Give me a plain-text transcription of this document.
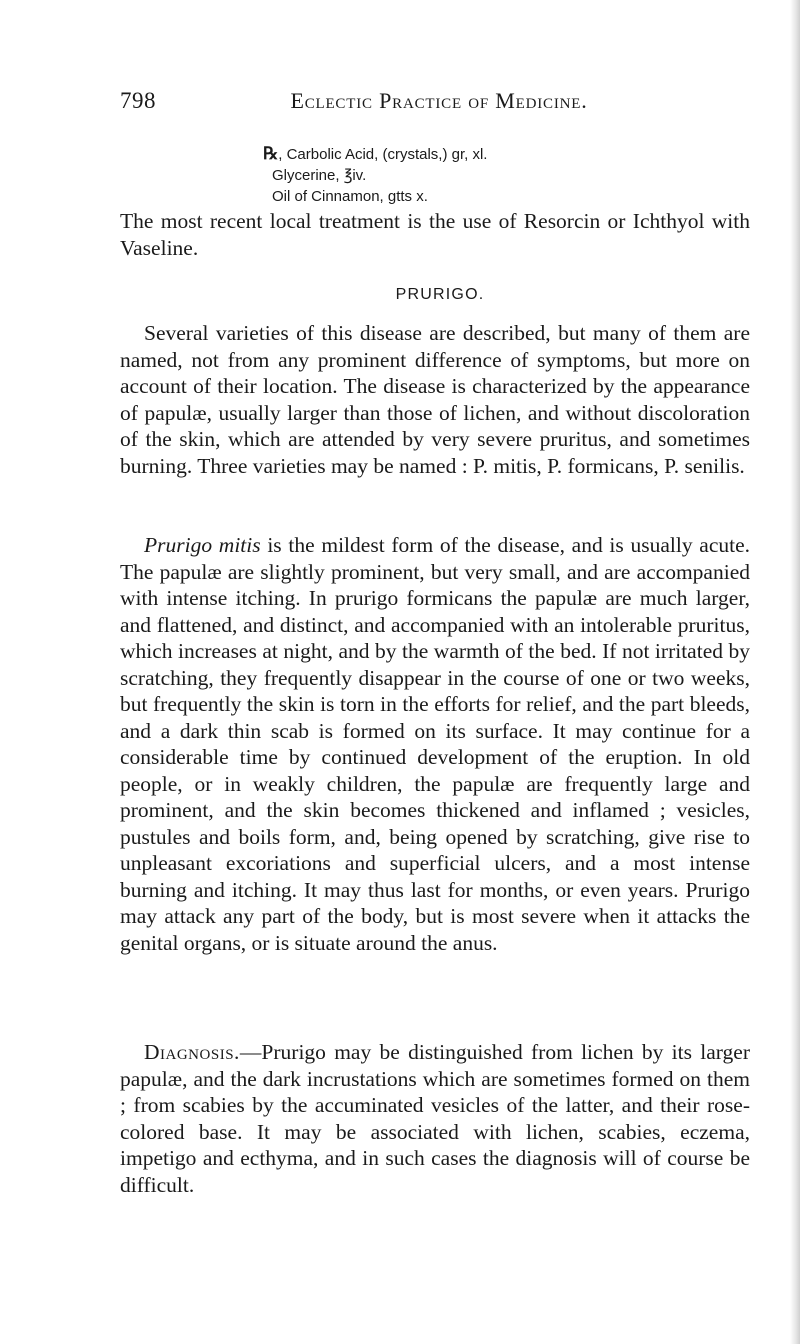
798	Eclectic Practice of Medicine.
℞, Carbolic Acid, (crystals,) gr, xl.
Glycerine, ℥iv.
Oil of Cinnamon, gtts x.

The most recent local treatment is the use of Resorcin or Ichthyol with Vaseline.

PRURIGO.

Several varieties of this disease are described, but many of them are named, not from any prominent difference of symptoms, but more on account of their location. The disease is characterized by the appearance of papulæ, usually larger than those of lichen, and without discoloration of the skin, which are attended by very severe pruritus, and sometimes burning. Three varieties may be named : P. mitis, P. formicans, P. senilis.

Prurigo mitis is the mildest form of the disease, and is usually acute. The papulæ are slightly prominent, but very small, and are accompanied with intense itching. In prurigo formicans the papulæ are much larger, and flattened, and distinct, and accompanied with an intolerable pruritus, which increases at night, and by the warmth of the bed. If not irritated by scratching, they frequently disappear in the course of one or two weeks, but frequently the skin is torn in the efforts for relief, and the part bleeds, and a dark thin scab is formed on its surface. It may continue for a considerable time by continued development of the eruption. In old people, or in weakly children, the papulæ are frequently large and prominent, and the skin becomes thickened and inflamed ; vesicles, pustules and boils form, and, being opened by scratching, give rise to unpleasant excoriations and superficial ulcers, and a most intense burning and itching. It may thus last for months, or even years. Prurigo may attack any part of the body, but is most severe when it attacks the genital organs, or is situate around the anus.

Diagnosis.—Prurigo may be distinguished from lichen by its larger papulæ, and the dark incrustations which are sometimes formed on them ; from scabies by the accuminated vesicles of the latter, and their rose-colored base. It may be associated with lichen, scabies, eczema, impetigo and ecthyma, and in such cases the diagnosis will of course be difficult.
